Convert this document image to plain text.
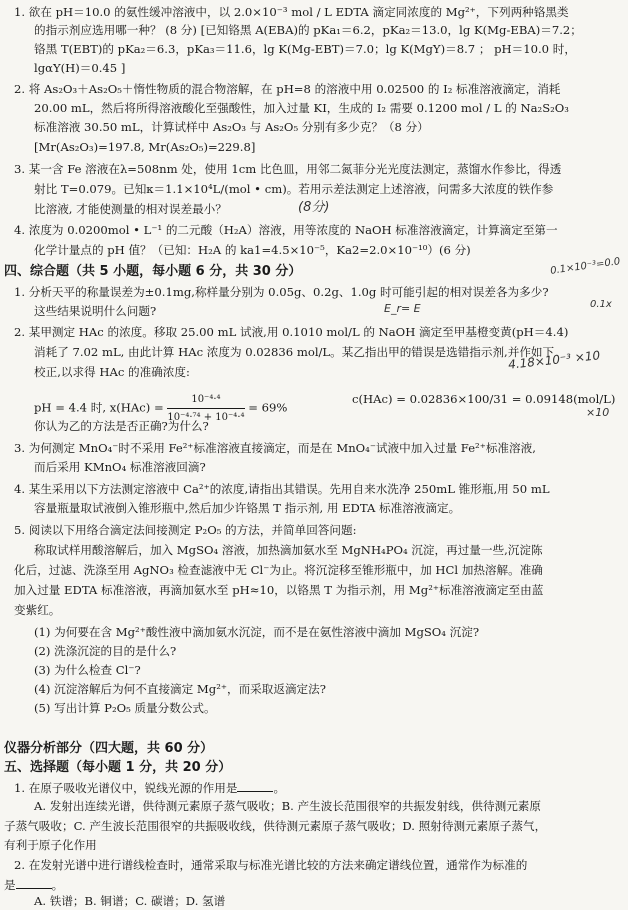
1. 欲在 pH＝10.0 的氨性缓冲溶液中，以 2.0×10⁻³ mol / L EDTA 滴定同浓度的 Mg²⁺，下列两种铬黑类
的指示剂应选用哪一种？ (8 分) [已知铬黑 A(EBA)的 pKa₁＝6.2，pKa₂＝13.0，lg K(Mg-EBA)＝7.2；
铬黑 T(EBT)的 pKa₂＝6.3，pKa₃＝11.6，lg K(Mg-EBT)＝7.0；lg K(MgY)＝8.7 ； pH＝10.0 时，
lgαY(H)＝0.45 ]
2. 将 As₂O₃＋As₂O₅＋惰性物质的混合物溶解，在 pH=8 的溶液中用 0.02500 的 I₂ 标准溶液滴定，消耗
20.00 mL，然后将所得溶液酸化至强酸性，加入过量 KI，生成的 I₂ 需要 0.1200 mol / L 的 Na₂S₂O₃
标准溶液 30.50 mL，计算试样中 As₂O₃ 与 As₂O₅ 分别有多少克？（8 分）
[Mr(As₂O₃)=197.8, Mr(As₂O₅)=229.8]
3. 某一含 Fe 溶液在λ=508nm 处，使用 1cm 比色皿，用邻二氮菲分光光度法测定，蒸馏水作参比，得透
射比 T=0.079。已知κ＝1.1×10⁴L/(mol • cm)。若用示差法测定上述溶液，问需多大浓度的铁作参
比溶液, 才能使测量的相对误差最小？	(8分)
4. 浓度为 0.0200mol • L⁻¹ 的二元酸（H₂A）溶液，用等浓度的 NaOH 标准溶液滴定，计算滴定至第一
化学计量点的 pH 值？（已知：H₂A 的 ka1=4.5×10⁻⁵，Ka2=2.0×10⁻¹⁰）(6 分)
四、综合题（共 5 小题，每小题 6 分，共 30 分）	0.1×10⁻³=0.0
1. 分析天平的称量误差为±0.1mg,称样量分别为 0.05g、0.2g、1.0g 时可能引起的相对误差各为多少?
这些结果说明什么问题?	0.1x
E_r= E
2. 某甲测定 HAc 的浓度。移取 25.00 mL 试液,用 0.1010 mol/L 的 NaOH 滴定至甲基橙变黄(pH＝4.4)
消耗了 7.02 mL, 由此计算 HAc 浓度为 0.02836 mol/L。某乙指出甲的错误是选错指示剂,并作如下
校正,以求得 HAc 的准确浓度:
4.18×10⁻³ ×10
pH = 4.4 时, $x(HAc) = \frac{\text{10⁻⁴·⁴}}{\text{10⁻⁴·⁷⁴ + 10⁻⁴·⁴}} = 69\%$
c(HAc) = 0.02836×100/31 = 0.09148(mol/L)
×10
你认为乙的方法是否正确?为什么?
3. 为何测定 MnO₄⁻时不采用 Fe²⁺标准溶液直接滴定，而是在 MnO₄⁻试液中加入过量 Fe²⁺标准溶液,
而后采用 KMnO₄ 标准溶液回滴?
4. 某生采用以下方法测定溶液中 Ca²⁺的浓度,请指出其错误。先用自来水洗净 250mL 锥形瓶,用 50 mL
容量瓶量取试液倒入锥形瓶中,然后加少许铬黑 T 指示剂, 用 EDTA 标准溶液滴定。
5. 阅读以下用络合滴定法间接测定 P₂O₅ 的方法，并简单回答问题:
称取试样用酸溶解后，加入 MgSO₄ 溶液，加热滴加氨水至 MgNH₄PO₄ 沉淀，再过量一些,沉淀陈
化后，过滤、洗涤至用 AgNO₃ 检查滤液中无 Cl⁻为止。将沉淀移至锥形瓶中，加 HCl 加热溶解。准确
加入过量 EDTA 标准溶液，再滴加氨水至 pH≈10，以铬黑 T 为指示剂，用 Mg²⁺标准溶液滴定至由蓝
变紫红。
(1) 为何要在含 Mg²⁺酸性液中滴加氨水沉淀，而不是在氨性溶液中滴加 MgSO₄ 沉淀?
(2) 洗涤沉淀的目的是什么?
(3) 为什么检查 Cl⁻?
(4) 沉淀溶解后为何不直接滴定 Mg²⁺，而采取返滴定法?
(5) 写出计算 P₂O₅ 质量分数公式。
仪器分析部分（四大题，共 60 分）
五、选择题（每小题 1 分，共 20 分）
1. 在原子吸收光谱仪中，锐线光源的作用是	。
A. 发射出连续光谱，供待测元素原子蒸气吸收；B. 产生波长范围很窄的共振发射线，供待测元素原
子蒸气吸收；C. 产生波长范围很窄的共振吸收线，供待测元素原子蒸气吸收；D. 照射待测元素原子蒸气，
有利于原子化作用
2. 在发射光谱中进行谱线检查时，通常采取与标准光谱比较的方法来确定谱线位置，通常作为标准的
是	。
A. 铁谱；B. 铜谱；C. 碳谱；D. 氢谱
